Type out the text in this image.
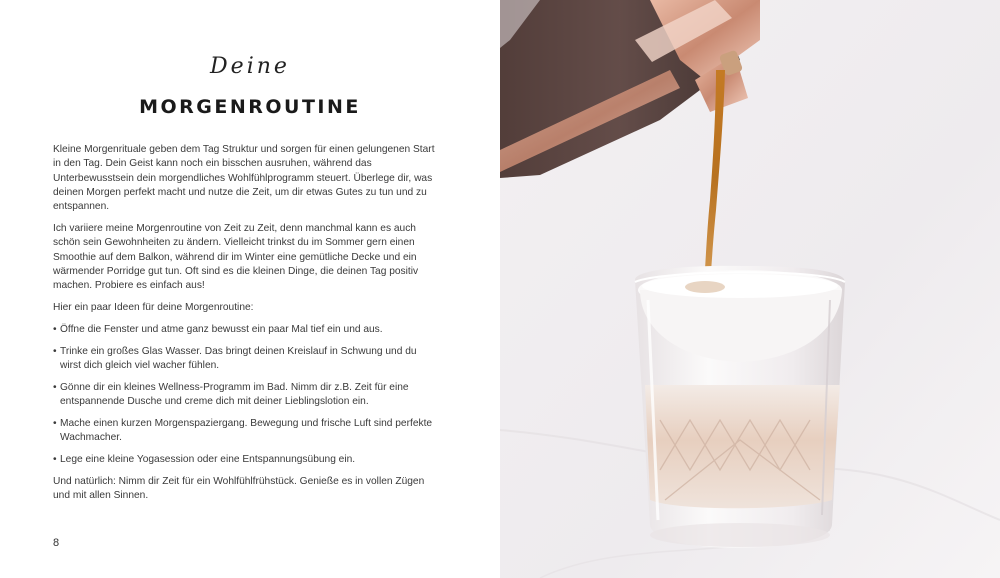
Deine
MORGENROUTINE

Kleine Morgenrituale geben dem Tag Struktur und sorgen für einen gelungenen Start in den Tag. Dein Geist kann noch ein bisschen ausruhen, während das Unterbewusstsein dein morgendliches Wohlfühlprogramm steuert. Überlege dir, was deinen Morgen perfekt macht und nutze die Zeit, um dir etwas Gutes zu tun und zu entspannen.

Ich variiere meine Morgenroutine von Zeit zu Zeit, denn manchmal kann es auch schön sein Gewohnheiten zu ändern. Vielleicht trinkst du im Sommer gern einen Smoothie auf dem Balkon, während dir im Winter eine gemütliche Decke und ein wärmender Porridge gut tun. Oft sind es die kleinen Dinge, die deinen Tag positiv machen. Probiere es einfach aus!

Hier ein paar Ideen für deine Morgenroutine:

• Öffne die Fenster und atme ganz bewusst ein paar Mal tief ein und aus.
• Trinke ein großes Glas Wasser. Das bringt deinen Kreislauf in Schwung und du wirst dich gleich viel wacher fühlen.
• Gönne dir ein kleines Wellness-Programm im Bad. Nimm dir z.B. Zeit für eine entspannende Dusche und creme dich mit deiner Lieblingslotion ein.
• Mache einen kurzen Morgenspaziergang. Bewegung und frische Luft sind perfekte Wachmacher.
• Lege eine kleine Yogasession oder eine Entspannungsübung ein.

Und natürlich: Nimm dir Zeit für ein Wohlfühlfrühstück. Genieße es in vollen Zügen und mit allen Sinnen.

8
